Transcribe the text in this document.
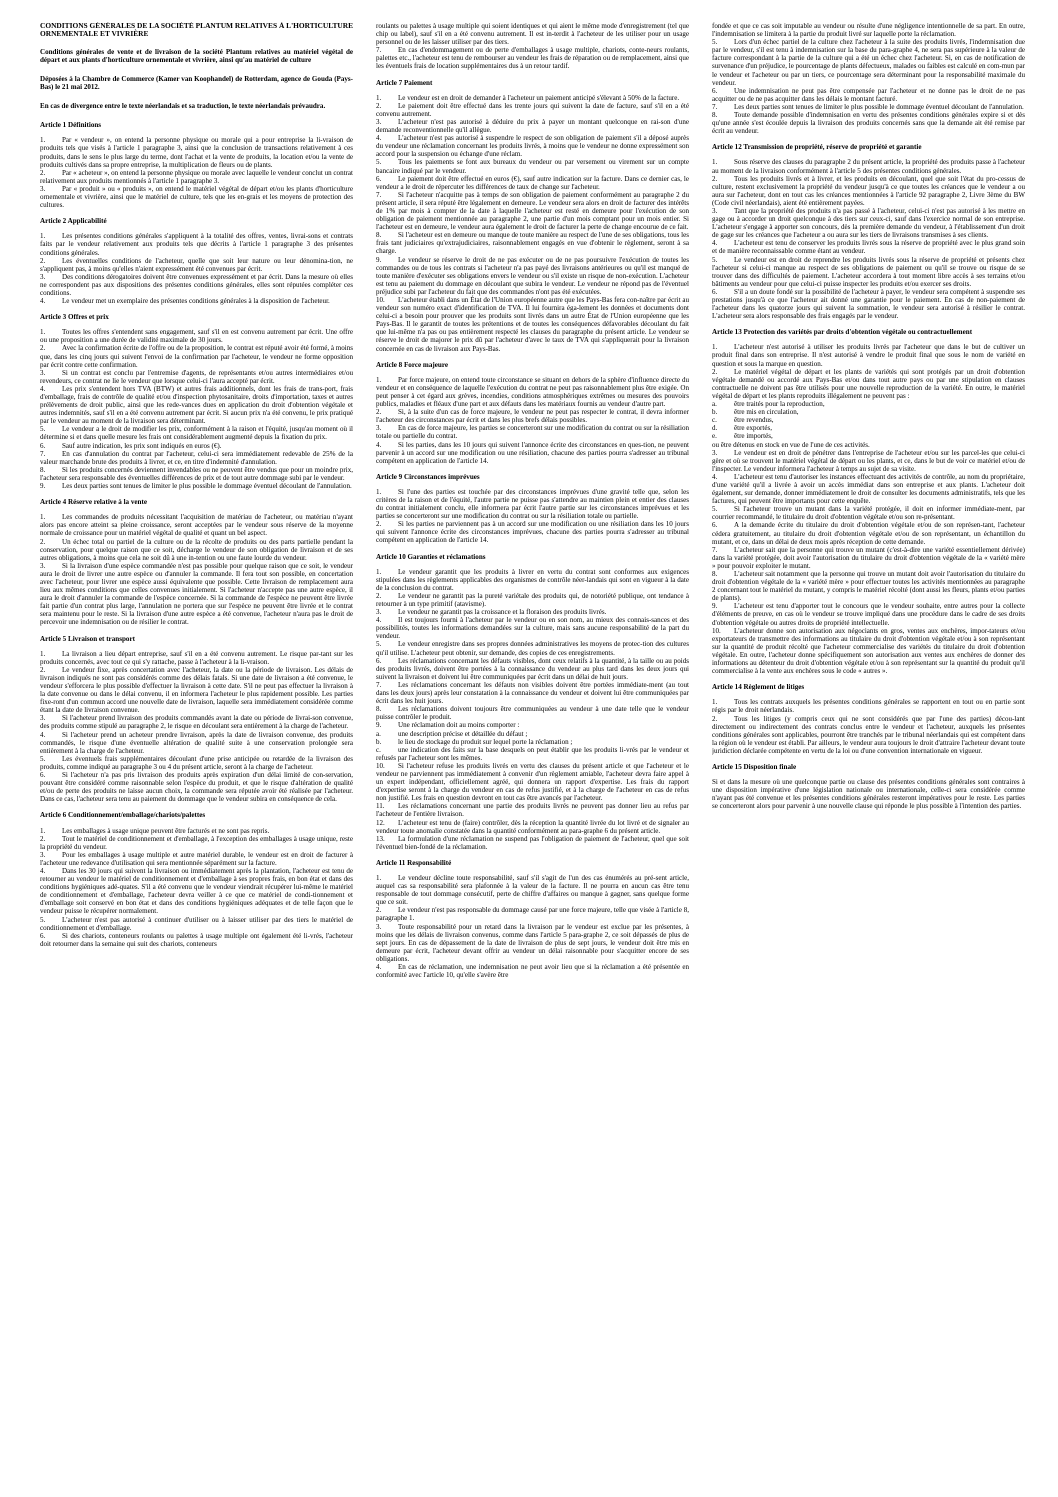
CONDITIONS GÉNÉRALES DE LA SOCIÉTÉ PLANTUM RELATIVES À L'HORTICULTURE ORNEMENTALE ET VIVRIÈRE

Conditions générales de vente et de livraison de la société Plantum relatives au matériel végétal de départ et aux plants d'horticulture ornementale et vivrière, ainsi qu'au matériel de culture

Déposées à la Chambre de Commerce (Kamer van Koophandel) de Rotterdam, agence de Gouda (Pays-Bas) le 21 mai 2012.

En cas de divergence entre le texte néerlandais et sa traduction, le texte néerlandais prévaudra.

Article 1 Définitions

1. Par « vendeur », on entend la personne physique ou morale qui a pour entreprise la li-vraison de produits tels que visés à l'article 1 paragraphe 3, ainsi que la conclusion de transactions relativement à ces produits, dans le sens le plus large du terme, dont l'achat et la vente de produits, la location et/ou la vente de produits cultivés dans sa propre entreprise, la multiplication de fleurs ou de plants.

2. Par « acheteur », on entend la personne physique ou morale avec laquelle le vendeur conclut un contrat relativement aux produits mentionnés à l'article 1 paragraphe 3.

3. Par « produit » ou « produits », on entend le matériel végétal de départ et/ou les plants d'horticulture ornementale et vivrière, ainsi que le matériel de culture, tels que les en-grais et les moyens de protection des cultures.

Article 2 Applicabilité

1. Les présentes conditions générales s'appliquent à la totalité des offres, ventes, livrai-sons et contrats faits par le vendeur relativement aux produits tels que décrits à l'article 1 paragraphe 3 des présentes conditions générales.

2. Les éventuelles conditions de l'acheteur, quelle que soit leur nature ou leur dénomina-tion, ne s'appliquent pas, à moins qu'elles n'aient expressément été convenues par écrit.

3. Des conditions dérogatoires doivent être convenues expressément et par écrit. Dans la mesure où elles ne correspondent pas aux dispositions des présentes conditions générales, elles sont réputées compléter ces conditions.

4. Le vendeur met un exemplaire des présentes conditions générales à la disposition de l'acheteur.

Article 3 Offres et prix

1. Toutes les offres s'entendent sans engagement, sauf s'il en est convenu autrement par écrit. Une offre ou une proposition a une durée de validité maximale de 30 jours.

2. Avec la confirmation écrite de l'offre ou de la proposition, le contrat est réputé avoir été formé, à moins que, dans les cinq jours qui suivent l'envoi de la confirmation par l'acheteur, le vendeur ne forme opposition par écrit contre cette confirmation.

3. Si un contrat est conclu par l'entremise d'agents, de représentants et/ou autres intermédiaires et/ou revendeurs, ce contrat ne lie le vendeur que lorsque celui-ci l'aura accepté par écrit.

4. Les prix s'entendent hors TVA (BTW) et autres frais additionnels, dont les frais de trans-port, frais d'emballage, frais de contrôle de qualité et/ou d'inspection phytosanitaire, droits d'importation, taxes et autres prélèvements de droit public, ainsi que les rede-vances dues en application du droit d'obtention végétale et autres indemnités, sauf s'il en a été convenu autrement par écrit. Si aucun prix n'a été convenu, le prix pratiqué par le vendeur au moment de la livraison sera déterminant.

5. Le vendeur a le droit de modifier les prix, conformément à la raison et l'équité, jusqu'au moment où il détermine si et dans quelle mesure les frais ont considérablement augmenté depuis la fixation du prix.

6. Sauf autre indication, les prix sont indiqués en euros (€).

7. En cas d'annulation du contrat par l'acheteur, celui-ci sera immédiatement redevable de 25% de la valeur marchande brute des produits à livrer, et ce, en titre d'indemnité d'annulation.

8. Si les produits concernés deviennent invendables ou ne peuvent être vendus que pour un moindre prix, l'acheteur sera responsable des éventuelles différences de prix et de tout autre dommage subi par le vendeur.

9. Les deux parties sont tenues de limiter le plus possible le dommage éventuel découlant de l'annulation.

Article 4 Réserve relative à la vente

1. Les commandes de produits nécessitant l'acquisition de matériau de l'acheteur, ou matériau n'ayant alors pas encore atteint sa pleine croissance, seront acceptées par le vendeur sous réserve de la moyenne normale de croissance pour un matériel végétal de qualité et quant un bel aspect.

2. Un échec total ou partiel de la culture ou de la récolte de produits ou des parts partielle pendant la conservation, pour quelque raison que ce soit, décharge le vendeur de son obligation de livraison et de ses autres obligations, à moins que cela ne soit dû à une in-tention ou une faute lourde du vendeur.

3. Si la livraison d'une espèce commandée n'est pas possible pour quelque raison que ce soit, le vendeur aura le droit de livrer une autre espèce ou d'annuler la commande. Il fera tout son possible, en concertation avec l'acheteur, pour livrer une espèce aussi équivalente que possible. Cette livraison de remplacement aura lieu aux mêmes conditions que celles convenues initialement. Si l'acheteur n'accepte pas une autre espèce, il aura le droit d'annuler la commande de l'espèce concernée. Si la commande de l'espèce ne peuvent être livrée fait partie d'un contrat plus large, l'annulation ne portera que sur l'espèce ne peuvent être livrée et le contrat sera maintenu pour le reste. Si la livraison d'une autre espèce a été convenue, l'acheteur n'aura pas le droit de percevoir une indemnisation ou de résilier le contrat.

Article 5 Livraison et transport

1. La livraison a lieu départ entreprise, sauf s'il en a été convenu autrement. Le risque par-tant sur les produits concernés, avec tout ce qui s'y rattache, passe à l'acheteur à la li-vraison.

2. Le vendeur fixe, après concertation avec l'acheteur, la date ou la période de livraison. Les délais de livraison indiqués ne sont pas considérés comme des délais fatals. Si une date de livraison a été convenue, le vendeur s'efforcera le plus possible d'effectuer la livraison à cette date. S'il ne peut pas effectuer la livraison à la date convenue ou dans le délai convenu, il en informera l'acheteur le plus rapidement possible. Les parties fixe-ront d'un commun accord une nouvelle date de livraison, laquelle sera immédiatement considérée comme étant la date de livraison convenue.

3. Si l'acheteur prend livraison des produits commandés avant la date ou période de livrai-son convenue, des produits comme stipulé au paragraphe 2, le risque en découlant sera entièrement à la charge de l'acheteur.

4. Si l'acheteur prend un acheteur prendre livraison, après la date de livraison convenue, des produits commandés, le risque d'une éventuelle altération de qualité suite à une conservation prolongée sera entièrement à la charge de l'acheteur.

5. Les éventuels frais supplémentaires découlant d'une prise anticipée ou retardée de la livraison des produits, comme indiqué au paragraphe 3 ou 4 du présent article, seront à la charge de l'acheteur.

6. Si l'acheteur n'a pas pris livraison des produits après expiration d'un délai limité de con-servation, pouvant être considéré comme raisonnable selon l'espèce du produit, et que le risque d'altération de qualité et/ou de perte des produits ne laisse aucun choix, la commande sera réputée avoir été réalisée par l'acheteur. Dans ce cas, l'acheteur sera tenu au paiement du dommage que le vendeur subira en conséquence de cela.

Article 6 Conditionnement/emballage/chariots/palettes

1. Les emballages à usage unique peuvent être facturés et ne sont pas repris.

2. Tout le matériel de conditionnement et d'emballage, à l'exception des emballages à usage unique, reste la propriété du vendeur.

3. Pour les emballages à usage multiple et autre matériel durable, le vendeur est en droit de facturer à l'acheteur une redevance d'utilisation qui sera mentionnée séparément sur la facture.

4. Dans les 30 jours qui suivent la livraison ou immédiatement après la plantation, l'acheteur est tenu de retourner au vendeur le matériel de conditionnement et d'emballage à ses propres frais, en bon état et dans des conditions hygiéniques adé-quates. S'il a été convenu que le vendeur viendrait récupérer lui-même le matériel de conditionnement et d'emballage, l'acheteur devra veiller à ce que ce matériel de condi-tionnement et d'emballage soit conservé en bon état et dans des conditions hygiéniques adéquates et de telle façon que le vendeur puisse le récupérer normalement.

5. L'acheteur n'est pas autorisé à continuer d'utiliser ou à laisser utiliser par des tiers le matériel de conditionnement et d'emballage.

6. Si des chariots, conteneurs roulants ou palettes à usage multiple ont également été li-vrés, l'acheteur doit retourner dans la semaine qui suit des chariots, conteneurs

roulants ou palettes à usage multiple qui soient identiques et qui aient le même mode d'enregistrement (tel que chip ou label), sauf s'il en a été convenu autrement. Il est in-terdit à l'acheteur de les utiliser pour un usage personnel ou de les laisser utiliser par des tiers.

7. En cas d'endommagement ou de perte d'emballages à usage multiple, chariots, conte-neurs roulants, palettes etc., l'acheteur est tenu de rembourser au vendeur les frais de réparation ou de remplacement, ainsi que les éventuels frais de location supplémentaires dus à un retour tardif.

Article 7 Paiement

1. Le vendeur est en droit de demander à l'acheteur un paiement anticipé s'élevant à 50% de la facture.

2. Le paiement doit être effectué dans les trente jours qui suivent la date de facture, sauf s'il en a été convenu autrement.

3. L'acheteur n'est pas autorisé à déduire du prix à payer un montant quelconque en rai-son d'une demande reconventionnelle qu'il allègue.

4. L'acheteur n'est pas autorisé à suspendre le respect de son obligation de paiement s'il a déposé auprès du vendeur une réclamation concernant les produits livrés, à moins que le vendeur ne donne expressément son accord pour la suspension ou échange d'une réclam.

5. Tous les paiements se font aux bureaux du vendeur ou par versement ou virement sur un compte bancaire indiqué par le vendeur.

6. Le paiement doit être effectué en euros (€), sauf autre indication sur la facture. Dans ce dernier cas, le vendeur a le droit de répercuter les différences de taux de change sur l'acheteur.

7. Si l'acheteur n'acquitte pas à temps de son obligation de paiement conformément au paragraphe 2 du présent article, il sera réputé être légalement en demeure. Le vendeur sera alors en droit de facturer des intérêts de 1% par mois à compter de la date à laquelle l'acheteur est resté en demeure pour l'exécution de son obligation de paiement mentionnée au paragraphe 2, une partie d'un mois comptant pour un mois entier. Si l'acheteur est en demeure, le vendeur aura également le droit de facturer la perte de change encourue de ce fait.

8. Si l'acheteur est en demeure ou manque de toute manière au respect de l'une de ses obligations, tous les frais tant judiciaires qu'extrajudiciaires, raisonnablement engagés en vue d'obtenir le règlement, seront à sa charge.

9. Le vendeur se réserve le droit de ne pas exécuter ou de ne pas poursuivre l'exécution de toutes les commandes ou de tous les contrats si l'acheteur n'a pas payé des livraisons antérieures ou qu'il est manqué de toute manière d'exécuter ses obligations envers le vendeur ou s'il existe un risque de non-exécution. L'acheteur est tenu au paiement du dommage en découlant que subira le vendeur. Le vendeur ne répond pas de l'éventuel préjudice subi par l'acheteur du fait que des commandes n'ont pas été exécutées.

10. L'acheteur établi dans un État de l'Union européenne autre que les Pays-Bas fera con-naître par écrit au vendeur son numéro exact d'identification de TVA. Il lui fournira éga-lement les données et documents dont celui-ci a besoin pour prouver que les produits sont livrés dans un autre État de l'Union européenne que les Pays-Bas. Il le garantit de toutes les prétentions et de toutes les conséquences défavorables découlant du fait que lui-même n'a pas ou pas entièrement respecté les clauses du paragraphe du présent article. Le vendeur se réserve le droit de majorer le prix dû par l'acheteur d'avec le taux de TVA qui s'appliquerait pour la livraison concernée en cas de livraison aux Pays-Bas.

Article 8 Force majeure

1. Par force majeure, on entend toute circonstance se situant en dehors de la sphère d'influence directe du vendeur et en conséquence de laquelle l'exécution du contrat ne peut pas raisonnablement plus être exigée. On peut penser à cet égard aux grèves, incendies, conditions atmosphériques extrêmes ou mesures des pouvoirs publics, maladies et fléaux d'une part et aux défauts dans les matériaux fournis au vendeur d'autre part.

2. Si, à la suite d'un cas de force majeure, le vendeur ne peut pas respecter le contrat, il devra informer l'acheteur des circonstances par écrit et dans les plus brefs délais possibles.

3. En cas de force majeure, les parties se concerteront sur une modification du contrat ou sur la résiliation totale ou partielle du contrat.

4. Si les parties, dans les 10 jours qui suivent l'annonce écrite des circonstances en ques-tion, ne peuvent parvenir à un accord sur une modification ou une résiliation, chacune des parties pourra s'adresser au tribunal compétent en application de l'article 14.

Article 9 Circonstances imprévues

1. Si l'une des parties est touchée par des circonstances imprévues d'une gravité telle que, selon les critères de la raison et de l'équité, l'autre partie ne puisse pas s'attendre au maintien plein et entier des clauses du contrat initialement conclu, elle informera par écrit l'autre partie sur les circonstances imprévues et les parties se concerteront sur une modification du contrat ou sur la résiliation totale ou partielle.

2. Si les parties ne parviennent pas à un accord sur une modification ou une résiliation dans les 10 jours qui suivent l'annonce écrite des circonstances imprévues, chacune des parties pourra s'adresser au tribunal compétent en application de l'article 14.

Article 10 Garanties et réclamations

1. Le vendeur garantit que les produits à livrer en vertu du contrat sont conformes aux exigences stipulées dans les règlements applicables des organismes de contrôle néer-landais qui sont en vigueur à la date de la conclusion du contrat.

2. Le vendeur ne garantit pas la pureté variétale des produits qui, de notoriété publique, ont tendance à retourner à un type primitif (atavisme).

3. Le vendeur ne garantit pas la croissance et la floraison des produits livrés.

4. Il est toujours fourni à l'acheteur par le vendeur ou en son nom, au mieux des connais-sances et des possibilités, toutes les informations demandées sur la culture, mais sans aucune responsabilité de la part du vendeur.

5. Le vendeur enregistre dans ses propres données administratives les moyens de protec-tion des cultures qu'il utilise. L'acheteur peut obtenir, sur demande, des copies de ces enregistrements.

6. Les réclamations concernant les défauts visibles, dont ceux relatifs à la quantité, à la taille ou au poids des produits livrés, doivent être portées à la connaissance du vendeur au plus tard dans les deux jours qui suivent la livraison et doivent lui être communiquées par écrit dans un délai de huit jours.

7. Les réclamations concernant les défauts non visibles doivent être portées immédiate-ment (au tout dans les deux jours) après leur constatation à la connaissance du vendeur et doivent lui être communiquées par écrit dans les huit jours.

8. Les réclamations doivent toujours être communiquées au vendeur à une date telle que le vendeur puisse contrôler le produit.

9. Une réclamation doit au moins comporter :

a. une description précise et détaillée du défaut ;

b. le lieu de stockage du produit sur lequel porte la réclamation ;

c. une indication des faits sur la base desquels on peut établir que les produits li-vrés par le vendeur et refusés par l'acheteur sont les mêmes.

10. Si l'acheteur refuse les produits livrés en vertu des clauses du présent article et que l'acheteur et le vendeur ne parviennent pas immédiatement à convenir d'un règlement amiable, l'acheteur devra faire appel à un expert indépendant, officiellement agréé, qui donnera un rapport d'expertise. Les frais du rapport d'expertise seront à la charge du vendeur en cas de refus justifié, et à la charge de l'acheteur en cas de refus non justifié. Les frais en question devront en tout cas être avancés par l'acheteur.

11. Les réclamations concernant une partie des produits livrés ne peuvent pas donner lieu au refus par l'acheteur de l'entière livraison.

12. L'acheteur est tenu de (faire) contrôler, dès la réception la quantité livrée du lot livré et de signaler au vendeur toute anomalie constatée dans la quantité conformément au para-graphe 6 du présent article.

13. La formulation d'une réclamation ne suspend pas l'obligation de paiement de l'acheteur, quel que soit l'éventuel bien-fondé de la réclamation.

Article 11 Responsabilité

1. Le vendeur décline toute responsabilité, sauf s'il s'agit de l'un des cas énumérés au pré-sent article, auquel cas sa responsabilité sera plafonnée à la valeur de la facture. Il ne pourra en aucun cas être tenu responsable de tout dommage consécutif, perte de chiffre d'affaires ou manque à gagner, sans quelque forme que ce soit.

2. Le vendeur n'est pas responsable du dommage causé par une force majeure, telle que visée à l'article 8, paragraphe 1.

3. Toute responsabilité pour un retard dans la livraison par le vendeur est exclue par les présentes, à moins que les délais de livraison convenus, comme dans l'article 5 para-graphe 2, ce soit dépassés de plus de sept jours. En cas de dépassement de la date de livraison de plus de sept jours, le vendeur doit être mis en demeure par écrit, l'acheteur devant offrir au vendeur un délai raisonnable pour s'acquitter encore de ses obligations.

4. En cas de réclamation, une indemnisation ne peut avoir lieu que si la réclamation a été présentée en conformité avec l'article 10, qu'elle s'avère être

fondée et que ce cas soit imputable au vendeur ou résulte d'une négligence intentionnelle de sa part. En outre, l'indemnisation se limitera à la partie du produit livré sur laquelle porte la réclamation.

5. Lors d'un échec partiel de la culture chez l'acheteur à la suite des produits livrés, l'indemnisation due par le vendeur, s'il est tenu à indemnisation sur la base du para-graphe 4, ne sera pas supérieure à la valeur de facture correspondant à la partie de la culture qui a été un échec chez l'acheteur. Si, en cas de notification de survenance d'un préjudice, le pourcentage de plants défectueux, malades ou faibles est calculé en com-mun par le vendeur et l'acheteur ou par un tiers, ce pourcentage sera déterminant pour la responsabilité maximale du vendeur.

6. Une indemnisation ne peut pas être compensée par l'acheteur et ne donne pas le droit de ne pas acquitter ou de ne pas acquitter dans les délais le montant facturé.

7. Les deux parties sont tenues de limiter le plus possible le dommage éventuel découlant de l'annulation.

8. Toute demande possible d'indemnisation en vertu des présentes conditions générales expire si et dès qu'une année s'est écoulée depuis la livraison des produits concernés sans que la demande ait été remise par écrit au vendeur.

Article 12 Transmission de propriété, réserve de propriété et garantie

1. Sous réserve des clauses du paragraphe 2 du présent article, la propriété des produits passe à l'acheteur au moment de la livraison conformément à l'article 5 des présentes conditions générales.

2. Tous les produits livrés et à livrer, et les produits en découlant, quel que soit l'état du pro-cessus de culture, restent exclusivement la propriété du vendeur jusqu'à ce que toutes les créances que le vendeur a ou aura sur l'acheteur, dont en tout cas les créances mentionnées à l'article 92 paragraphe 2, Livre 3ème du BW (Code civil néerlandais), aient été entièrement payées.

3. Tant que la propriété des produits n'a pas passé à l'acheteur, celui-ci n'est pas autorisé à les mettre en gage ou à accorder un droit quelconque à des tiers sur ceux-ci, sauf dans l'exercice normal de son entreprise. L'acheteur s'engage à apporter son concours, dès la première demande du vendeur, à l'établissement d'un droit de gage sur les créances que l'acheteur a ou aura sur les tiers de livraisons transmises à ses clients.

4. L'acheteur est tenu de conserver les produits livrés sous la réserve de propriété avec le plus grand soin et de manière reconnaissable comme étant au vendeur.

5. Le vendeur est en droit de reprendre les produits livrés sous la réserve de propriété et présents chez l'acheteur si celui-ci manque au respect de ses obligations de paiement ou qu'il se trouve ou risque de se trouver dans des difficultés de paiement. L'acheteur accordera à tout moment libre accès à ses terrains et/ou bâtiments au vendeur pour que celui-ci puisse inspecter les produits et/ou exercer ses droits.

6. S'il a un doute fondé sur la possibilité de l'acheteur à payer, le vendeur sera compétent à suspendre ses prestations jusqu'à ce que l'acheteur ait donné une garantie pour le paiement. En cas de non-paiement de l'acheteur dans les quatorze jours qui suivent la sommation, le vendeur sera autorisé à résilier le contrat. L'acheteur sera alors responsable des frais engagés par le vendeur.

Article 13 Protection des variétés par droits d'obtention végétale ou contractuellement

1. L'acheteur n'est autorisé à utiliser les produits livrés par l'acheteur que dans le but de cultiver un produit final dans son entreprise. Il n'est autorisé à vendre le produit final que sous le nom de variété en question et sous la marque en question.

2. Le matériel végétal de départ et les plants de variétés qui sont protégés par un droit d'obtention végétale demandé ou accordé aux Pays-Bas et/ou dans tout autre pays ou par une stipulation en clauses contractuelle ne doivent pas être utilisés pour une nouvelle reproduction de la variété. En outre, le matériel végétal de départ et les plants reproduits illégalement ne peuvent pas :

a. être traités pour la reproduction,

b. être mis en circulation,

c. être revendus,

d. être exportés,

e. être importés,

ou être détenus en stock en vue de l'une de ces activités.

3. Le vendeur est en droit de pénétrer dans l'entreprise de l'acheteur et/ou sur les parcel-les que celui-ci gère et où se trouvent le matériel végétal de départ ou les plants, et ce, dans le but de voir ce matériel et/ou de l'inspecter. Le vendeur informera l'acheteur à temps au sujet de sa visite.

4. L'acheteur est tenu d'autoriser les instances effectuant des activités de contrôle, au nom du propriétaire, d'une variété qu'il a livrée à avoir un accès immédiat dans son entreprise et aux plants. L'acheteur doit également, sur demande, donner immédiatement le droit de consulter les documents administratifs, tels que les factures, qui peuvent être importants pour cette enquête.

5. Si l'acheteur trouve un mutant dans la variété protégée, il doit en informer immédiate-ment, par courrier recommandé, le titulaire du droit d'obtention végétale et/ou son re-présentant.

6. A la demande écrite du titulaire du droit d'obtention végétale et/ou de son représen-tant, l'acheteur cédera gratuitement, au titulaire du droit d'obtention végétale et/ou de son représentant, un échantillon du mutant, et ce, dans un délai de deux mois après réception de cette demande.

7. L'acheteur sait que la personne qui trouve un mutant (c'est-à-dire une variété essentiellement dérivée) dans la variété protégée, doit avoir l'autorisation du titulaire du droit d'obtention végétale de la « variété mère » pour pouvoir exploiter le mutant.

8. L'acheteur sait notamment que la personne qui trouve un mutant doit avoir l'autorisation du titulaire du droit d'obtention végétale de la « variété mère » pour effectuer toutes les activités mentionnées au paragraphe 2 concernant tout le matériel du mutant, y compris le matériel récolté (dont aussi les fleurs, plants et/ou parties de plants).

9. L'acheteur est tenu d'apporter tout le concours que le vendeur souhaite, entre autres pour la collecte d'éléments de preuve, en cas où le vendeur se trouve impliqué dans une procédure dans le cadre de ses droits d'obtention végétale ou autres droits de propriété intellectuelle.

10. L'acheteur donne son autorisation aux négociants en gros, ventes aux enchères, impor-tateurs et/ou exportateurs de transmettre des informations au titulaire du droit d'obtention végétale et/ou à son représentant sur la quantité de produit récolté que l'acheteur commercialise des variétés du titulaire du droit d'obtention végétale. En outre, l'acheteur donne spécifiquement son autorisation aux ventes aux enchères de donner des informations au détenteur du droit d'obtention végétale et/ou à son représentant sur la quantité du produit qu'il commercialise à la vente aux enchères sous le code « autres ».

Article 14 Règlement de litiges

1. Tous les contrats auxquels les présentes conditions générales se rapportent en tout ou en partie sont régis par le droit néerlandais.

2. Tous les litiges (y compris ceux qui ne sont considérés que par l'une des parties) décou-lant directement ou indirectement des contrats conclus entre le vendeur et l'acheteur, auxquels les présentes conditions générales sont applicables, pourront être tranchés par le tribunal néerlandais qui est compétent dans la région où le vendeur est établi. Par ailleurs, le vendeur aura toujours le droit d'attraire l'acheteur devant toute juridiction déclarée compétente en vertu de la loi ou d'une convention internationale en vigueur.

Article 15 Disposition finale

Si et dans la mesure où une quelconque partie ou clause des présentes conditions générales sont contraires à une disposition impérative d'une législation nationale ou internationale, celle-ci sera considérée comme n'ayant pas été convenue et les présentes conditions générales resteront impératives pour le reste. Les parties se concerteront alors pour parvenir à une nouvelle clause qui réponde le plus possible à l'intention des parties.
